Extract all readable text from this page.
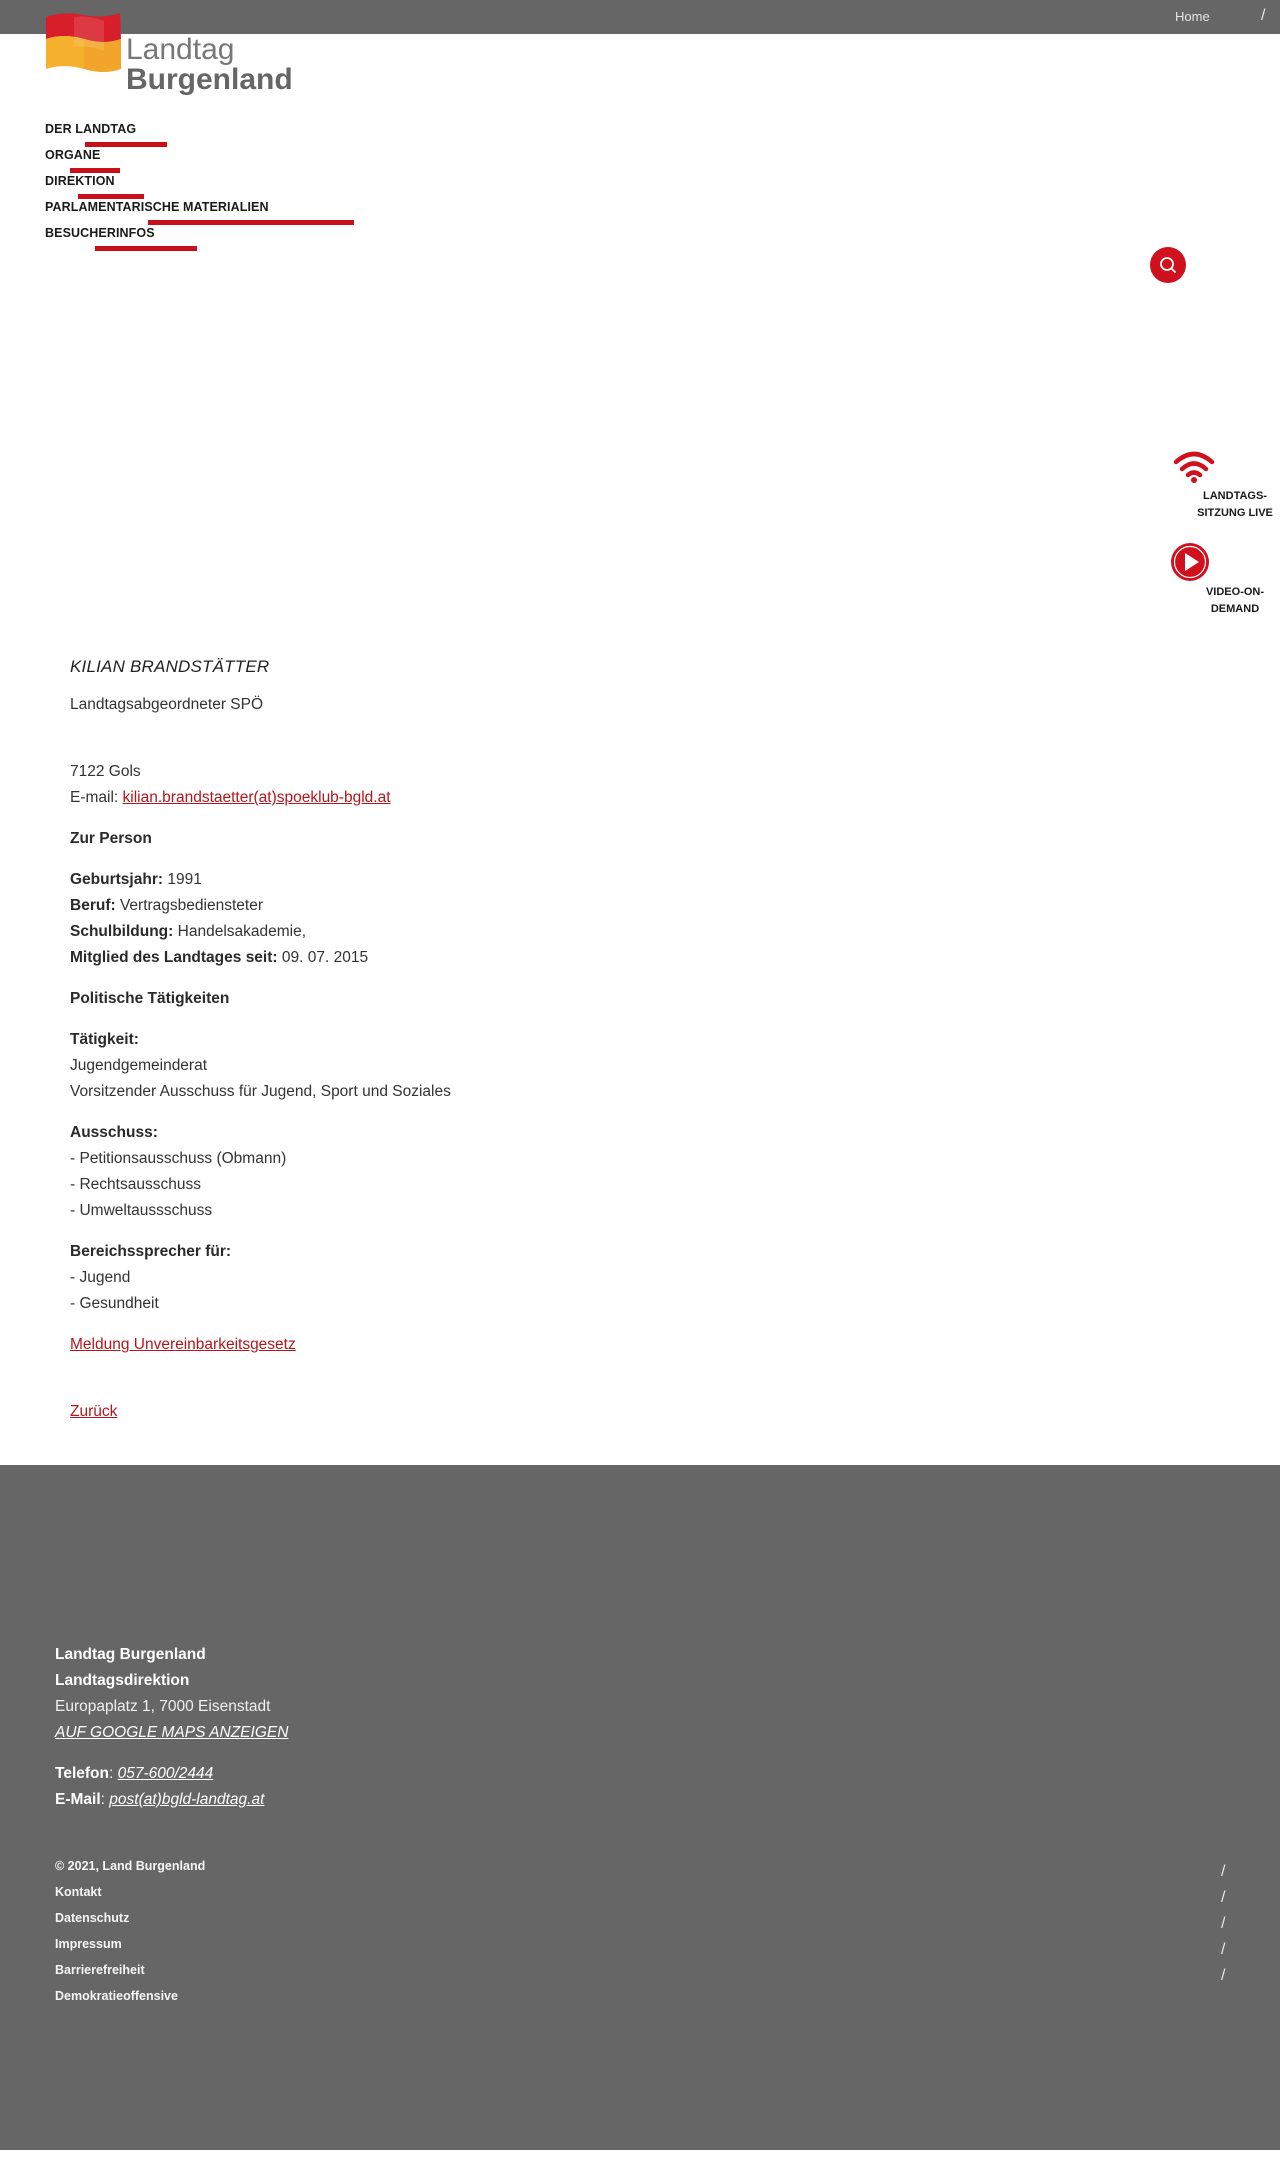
Home	/
Landtag
Burgenland
DER LANDTAG
ORGANE
DIREKTION
PARLAMENTARISCHE MATERIALIEN
BESUCHERINFOS
LANDTAGS-
SITZUNG LIVE
VIDEO-ON-
DEMAND
KILIAN BRANDSTÄTTER
Landtagsabgeordneter SPÖ
7122 Gols
E-mail: kilian.brandstaetter(at)spoeklub-bgld.at
Zur Person
Geburtsjahr: 1991
Beruf: Vertragsbediensteter
Schulbildung: Handelsakademie,
Mitglied des Landtages seit: 09. 07. 2015
Politische Tätigkeiten
Tätigkeit:
Jugendgemeinderat
Vorsitzender Ausschuss für Jugend, Sport und Soziales
Ausschuss:
- Petitionsausschuss (Obmann)
- Rechtsausschuss
- Umweltaussschuss
Bereichssprecher für:
- Jugend
- Gesundheit
Meldung Unvereinbarkeitsgesetz
Zurück
Landtag Burgenland
Landtagsdirektion
Europaplatz 1, 7000 Eisenstadt
AUF GOOGLE MAPS ANZEIGEN
Telefon: 057-600/2444
E-Mail: post(at)bgld-landtag.at
© 2021, Land Burgenland
Kontakt
Datenschutz
Impressum
Barrierefreiheit
Demokratieoffensive
/
/
/
/
/
